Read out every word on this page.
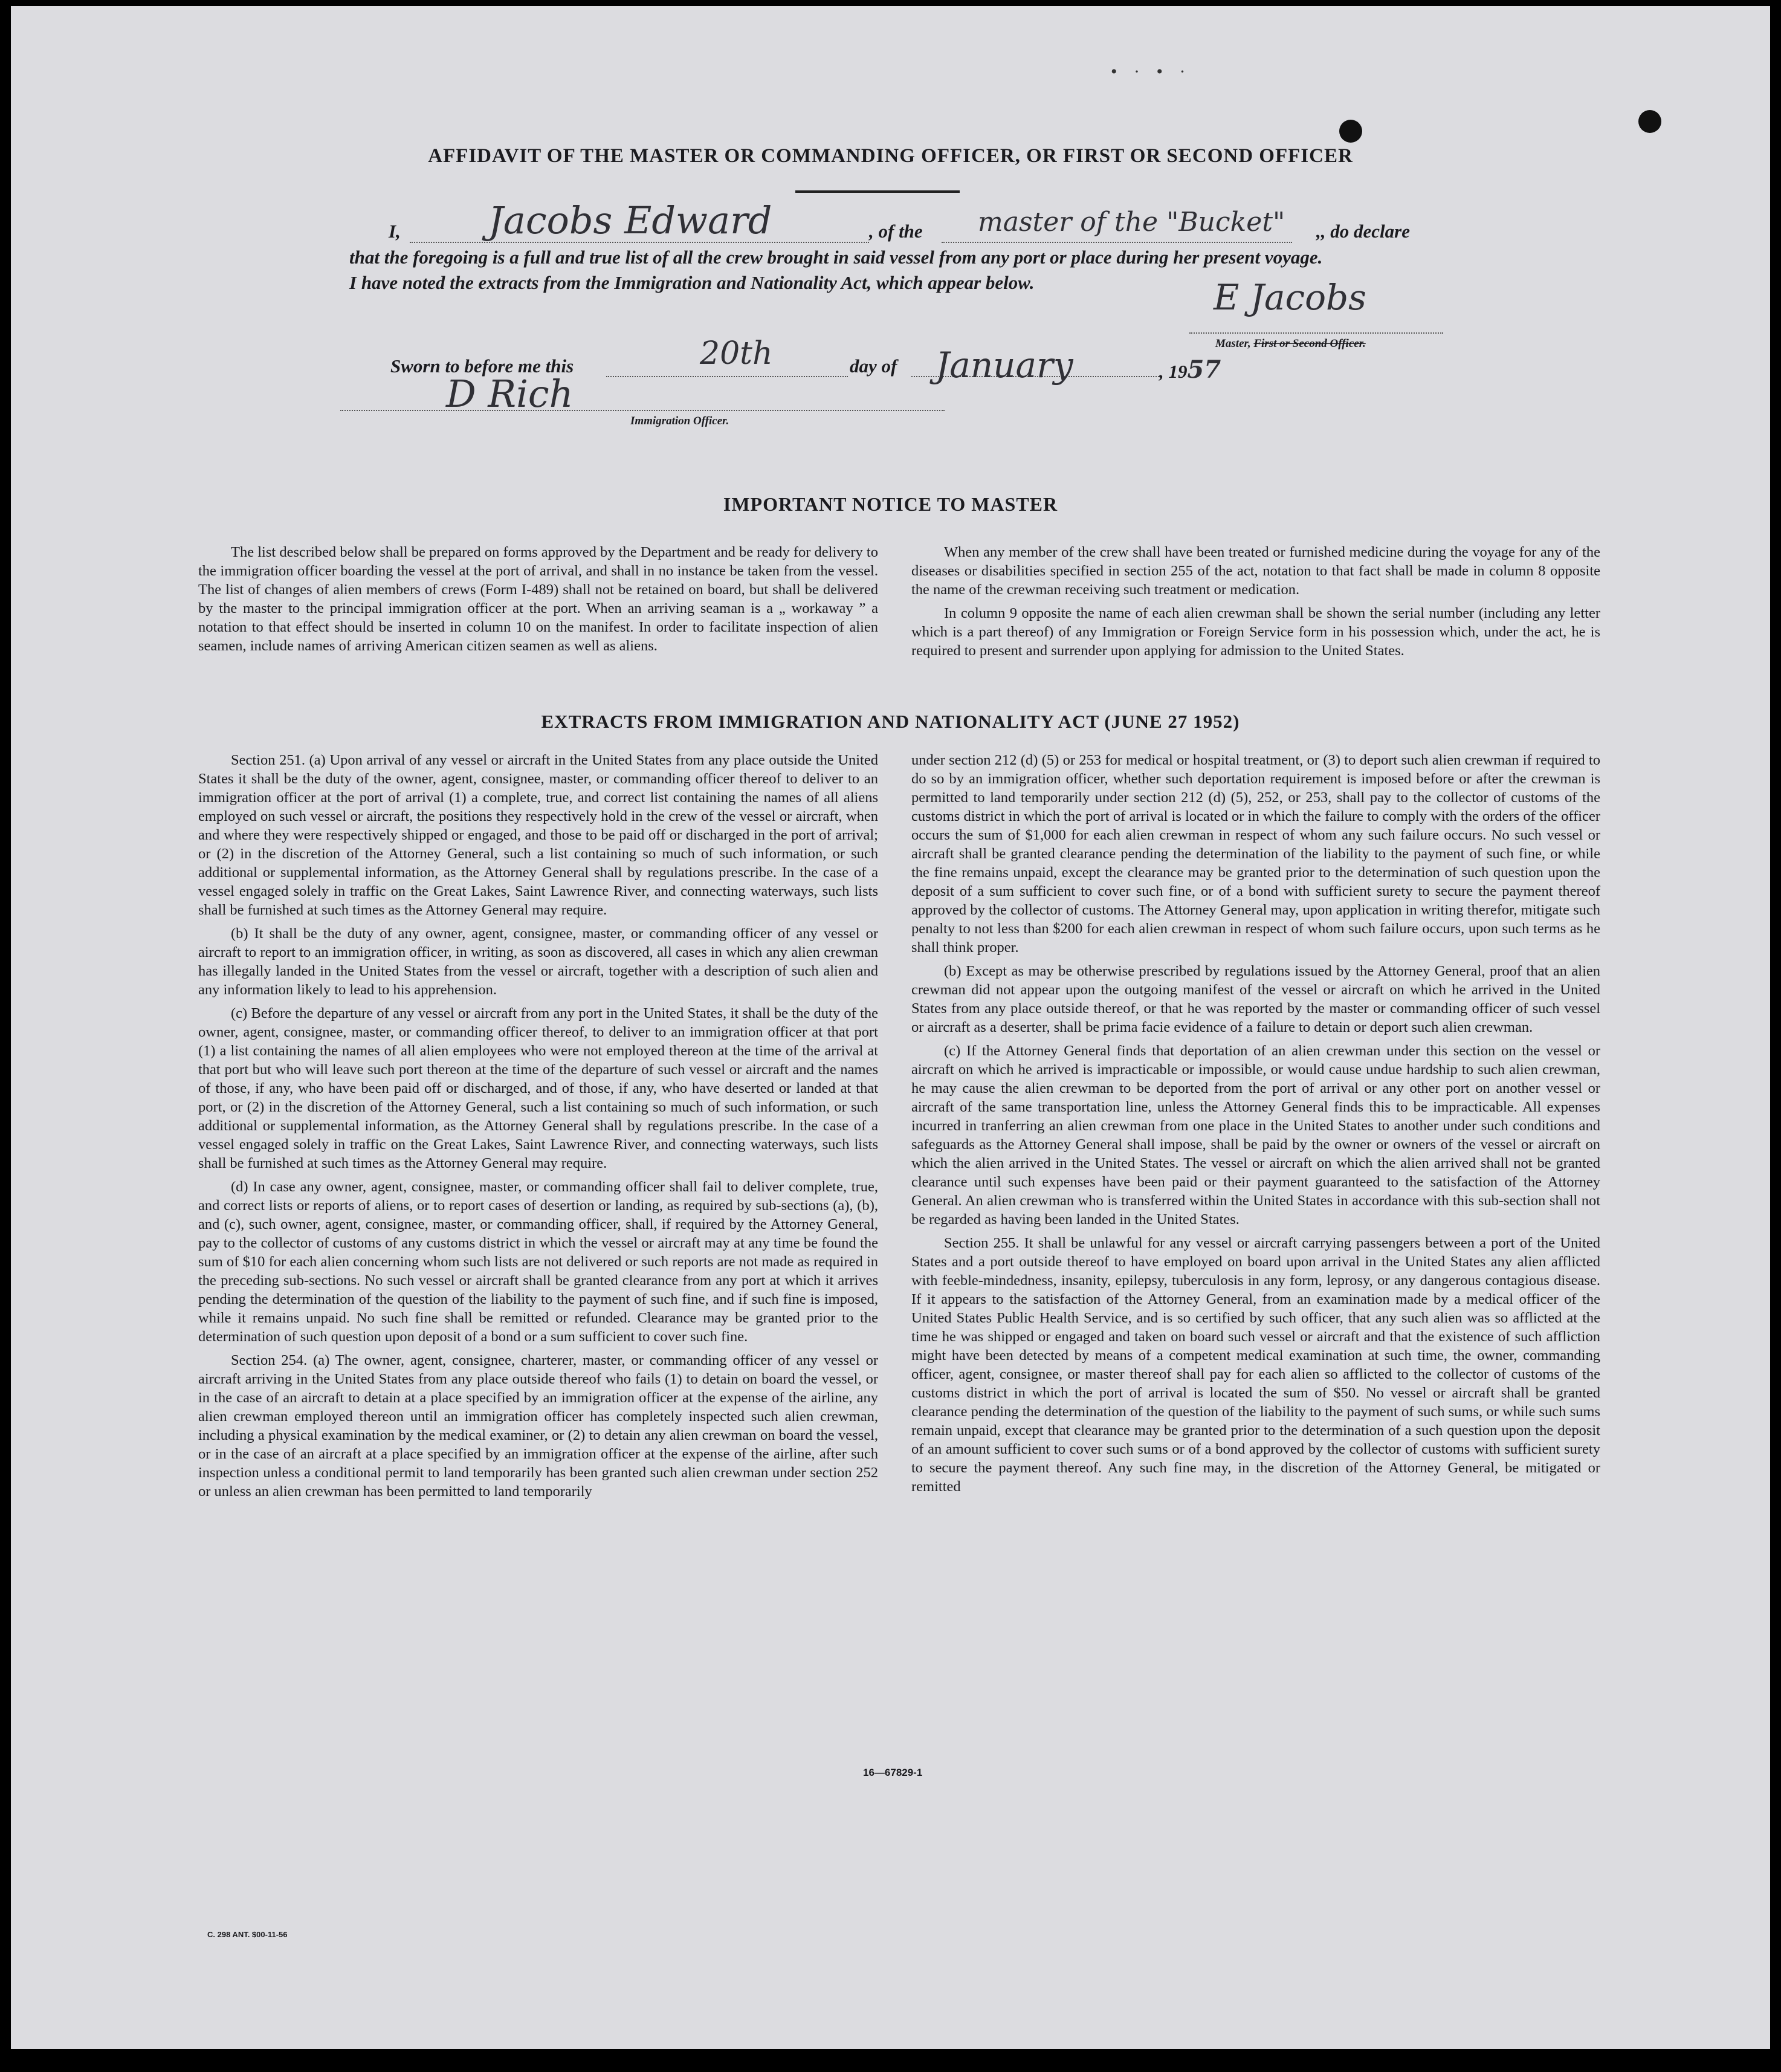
• · • ·
AFFIDAVIT OF THE MASTER OR COMMANDING OFFICER, OR FIRST OR SECOND OFFICER
I, Jacobs Edward	, of the master of the "Bucket" ,, do declare
that the foregoing is a full and true list of all the crew brought in said vessel from any port or place during her present voyage.
I have noted the extracts from the Immigration and Nationality Act, which appear below.	E Jacobs
Master, First or Second Officer.
Sworn to before me this	20th	day of January	, 1957
D Rich
Immigration Officer.
IMPORTANT NOTICE TO MASTER

The list described below shall be prepared on forms approved by the Department and be ready for delivery to the immigration officer boarding the vessel at the port of arrival, and shall in no instance be taken from the vessel. The list of changes of alien members of crews (Form I-489) shall not be retained on board, but shall be delivered by the master to the principal immigration officer at the port. When an arriving seaman is a „ workaway ” a notation to that effect should be inserted in column 10 on the manifest. In order to facilitate inspection of alien seamen, include names of arriving American citizen seamen as well as aliens.

When any member of the crew shall have been treated or furnished medicine during the voyage for any of the diseases or disabilities specified in section 255 of the act, notation to that fact shall be made in column 8 opposite the name of the crewman receiving such treatment or medication.

In column 9 opposite the name of each alien crewman shall be shown the serial number (including any letter which is a part thereof) of any Immigration or Foreign Service form in his possession which, under the act, he is required to present and surrender upon applying for admission to the United States.

EXTRACTS FROM IMMIGRATION AND NATIONALITY ACT (JUNE 27 1952)

Section 251. (a) Upon arrival of any vessel or aircraft in the United States from any place outside the United States it shall be the duty of the owner, agent, consignee, master, or commanding officer thereof to deliver to an immigration officer at the port of arrival (1) a complete, true, and correct list containing the names of all aliens employed on such vessel or aircraft, the positions they respectively hold in the crew of the vessel or aircraft, when and where they were respectively shipped or engaged, and those to be paid off or discharged in the port of arrival; or (2) in the discretion of the Attorney General, such a list containing so much of such information, or such additional or supplemental information, as the Attorney General shall by regulations prescribe. In the case of a vessel engaged solely in traffic on the Great Lakes, Saint Lawrence River, and connecting waterways, such lists shall be furnished at such times as the Attorney General may require.

(b) It shall be the duty of any owner, agent, consignee, master, or commanding officer of any vessel or aircraft to report to an immigration officer, in writing, as soon as discovered, all cases in which any alien crewman has illegally landed in the United States from the vessel or aircraft, together with a description of such alien and any information likely to lead to his apprehension.

(c) Before the departure of any vessel or aircraft from any port in the United States, it shall be the duty of the owner, agent, consignee, master, or commanding officer thereof, to deliver to an immigration officer at that port (1) a list containing the names of all alien employees who were not employed thereon at the time of the arrival at that port but who will leave such port thereon at the time of the departure of such vessel or aircraft and the names of those, if any, who have been paid off or discharged, and of those, if any, who have deserted or landed at that port, or (2) in the discretion of the Attorney General, such a list containing so much of such information, or such additional or supplemental information, as the Attorney General shall by regulations prescribe. In the case of a vessel engaged solely in traffic on the Great Lakes, Saint Lawrence River, and connecting waterways, such lists shall be furnished at such times as the Attorney General may require.

(d) In case any owner, agent, consignee, master, or commanding officer shall fail to deliver complete, true, and correct lists or reports of aliens, or to report cases of desertion or landing, as required by sub-sections (a), (b), and (c), such owner, agent, consignee, master, or commanding officer, shall, if required by the Attorney General, pay to the collector of customs of any customs district in which the vessel or aircraft may at any time be found the sum of $10 for each alien concerning whom such lists are not delivered or such reports are not made as required in the preceding sub-sections. No such vessel or aircraft shall be granted clearance from any port at which it arrives pending the determination of the question of the liability to the payment of such fine, and if such fine is imposed, while it remains unpaid. No such fine shall be remitted or refunded. Clearance may be granted prior to the determination of such question upon deposit of a bond or a sum sufficient to cover such fine.

Section 254. (a) The owner, agent, consignee, charterer, master, or commanding officer of any vessel or aircraft arriving in the United States from any place outside thereof who fails (1) to detain on board the vessel, or in the case of an aircraft to detain at a place specified by an immigration officer at the expense of the airline, any alien crewman employed thereon until an immigration officer has completely inspected such alien crewman, including a physical examination by the medical examiner, or (2) to detain any alien crewman on board the vessel, or in the case of an aircraft at a place specified by an immigration officer at the expense of the airline, after such inspection unless a conditional permit to land temporarily has been granted such alien crewman under section 252 or unless an alien crewman has been permitted to land temporarily

under section 212 (d) (5) or 253 for medical or hospital treatment, or (3) to deport such alien crewman if required to do so by an immigration officer, whether such deportation requirement is imposed before or after the crewman is permitted to land temporarily under section 212 (d) (5), 252, or 253, shall pay to the collector of customs of the customs district in which the port of arrival is located or in which the failure to comply with the orders of the officer occurs the sum of $1,000 for each alien crewman in respect of whom any such failure occurs. No such vessel or aircraft shall be granted clearance pending the determination of the liability to the payment of such fine, or while the fine remains unpaid, except the clearance may be granted prior to the determination of such question upon the deposit of a sum sufficient to cover such fine, or of a bond with sufficient surety to secure the payment thereof approved by the collector of customs. The Attorney General may, upon application in writing therefor, mitigate such penalty to not less than $200 for each alien crewman in respect of whom such failure occurs, upon such terms as he shall think proper.

(b) Except as may be otherwise prescribed by regulations issued by the Attorney General, proof that an alien crewman did not appear upon the outgoing manifest of the vessel or aircraft on which he arrived in the United States from any place outside thereof, or that he was reported by the master or commanding officer of such vessel or aircraft as a deserter, shall be prima facie evidence of a failure to detain or deport such alien crewman.

(c) If the Attorney General finds that deportation of an alien crewman under this section on the vessel or aircraft on which he arrived is impracticable or impossible, or would cause undue hardship to such alien crewman, he may cause the alien crewman to be deported from the port of arrival or any other port on another vessel or aircraft of the same transportation line, unless the Attorney General finds this to be impracticable. All expenses incurred in tranferring an alien crewman from one place in the United States to another under such conditions and safeguards as the Attorney General shall impose, shall be paid by the owner or owners of the vessel or aircraft on which the alien arrived in the United States. The vessel or aircraft on which the alien arrived shall not be granted clearance until such expenses have been paid or their payment guaranteed to the satisfaction of the Attorney General. An alien crewman who is transferred within the United States in accordance with this sub-section shall not be regarded as having been landed in the United States.

Section 255. It shall be unlawful for any vessel or aircraft carrying passengers between a port of the United States and a port outside thereof to have employed on board upon arrival in the United States any alien afflicted with feeble-mindedness, insanity, epilepsy, tuberculosis in any form, leprosy, or any dangerous contagious disease. If it appears to the satisfaction of the Attorney General, from an examination made by a medical officer of the United States Public Health Service, and is so certified by such officer, that any such alien was so afflicted at the time he was shipped or engaged and taken on board such vessel or aircraft and that the existence of such affliction might have been detected by means of a competent medical examination at such time, the owner, commanding officer, agent, consignee, or master thereof shall pay for each alien so afflicted to the collector of customs of the customs district in which the port of arrival is located the sum of $50. No vessel or aircraft shall be granted clearance pending the determination of the question of the liability to the payment of such sums, or while such sums remain unpaid, except that clearance may be granted prior to the determination of a such question upon the deposit of an amount sufficient to cover such sums or of a bond approved by the collector of customs with sufficient surety to secure the payment thereof. Any such fine may, in the discretion of the Attorney General, be mitigated or remitted

16—67829-1
C. 298 ANT. $00-11-56
